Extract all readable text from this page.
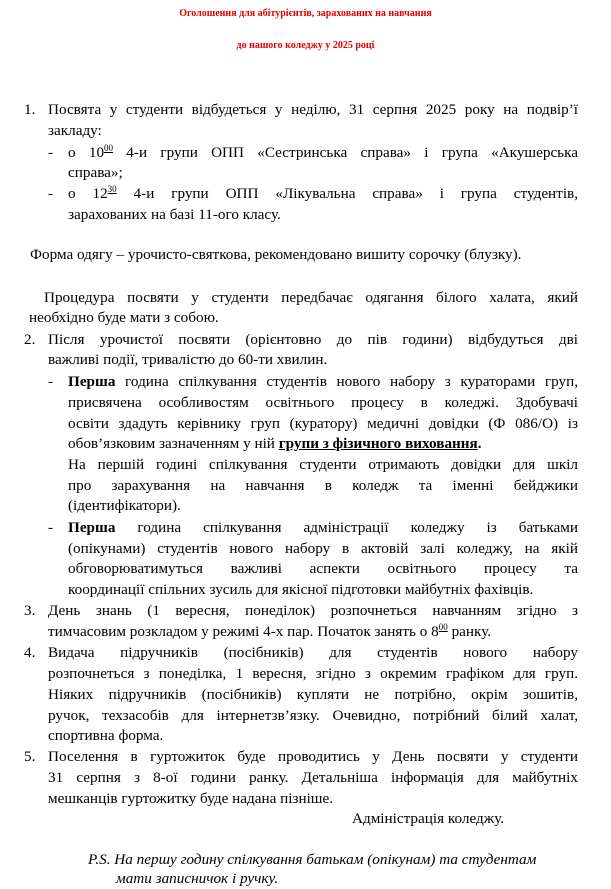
Оголошення для абітурієнтів, зарахованих на навчання
до нашого коледжу у 2025 році
1. Посвята у студенти відбудеться у неділю, 31 серпня 2025 року на подвір’ї
закладу:
- о $10^{00}$ 4-и групи ОПП «Сестринська справа» і група «Акушерська
справа»;
- о $12^{30}$ 4-и групи ОПП «Лікувальна справа» і група студентів,
зарахованих на базі 11-ого класу.
Форма одягу – урочисто-святкова, рекомендовано вишиту сорочку (блузку).
Процедура посвяти у студенти передбачає одягання білого халата, який
необхідно буде мати з собою.
2. Після урочистої посвяти (орієнтовно до пів години) відбудуться дві
важливі події, тривалістю до 60-ти хвилин.
- Перша година спілкування студентів нового набору з кураторами груп,
присвячена особливостям освітнього процесу в коледжі. Здобувачі
освіти здадуть керівнику груп (куратору) медичні довідки (Ф 086/О) із
обов’язковим зазначенням у ній групи з фізичного виховання.
На першій годині спілкування студенти отримають довідки для шкіл
про зарахування на навчання в коледж та іменні бейджики
(ідентифікатори).
- Перша година спілкування адміністрації коледжу із батьками
(опікунами) студентів нового набору в актовій залі коледжу, на якій
обговорюватимуться важливі аспекти освітнього процесу та
координації спільних зусиль для якісної підготовки майбутніх фахівців.
3. День знань (1 вересня, понеділок) розпочнеться навчанням згідно з
тимчасовим розкладом у режимі 4-х пар. Початок занять о $8^{00}$ ранку.
4. Видача підручників (посібників) для студентів нового набору
розпочнеться з понеділка, 1 вересня, згідно з окремим графіком для груп.
Ніяких підручників (посібників) купляти не потрібно, окрім зошитів,
ручок, техзасобів для інтернетзв’язку. Очевидно, потрібний білий халат,
спортивна форма.
5. Поселення в гуртожиток буде проводитись у День посвяти у студенти
31 серпня з 8-ої години ранку. Детальніша інформація для майбутніх
мешканців гуртожитку буде надана пізніше.
Адміністрація коледжу.
P.S. На першу годину спілкування батькам (опікунам) та студентам
мати записничок і ручку.
